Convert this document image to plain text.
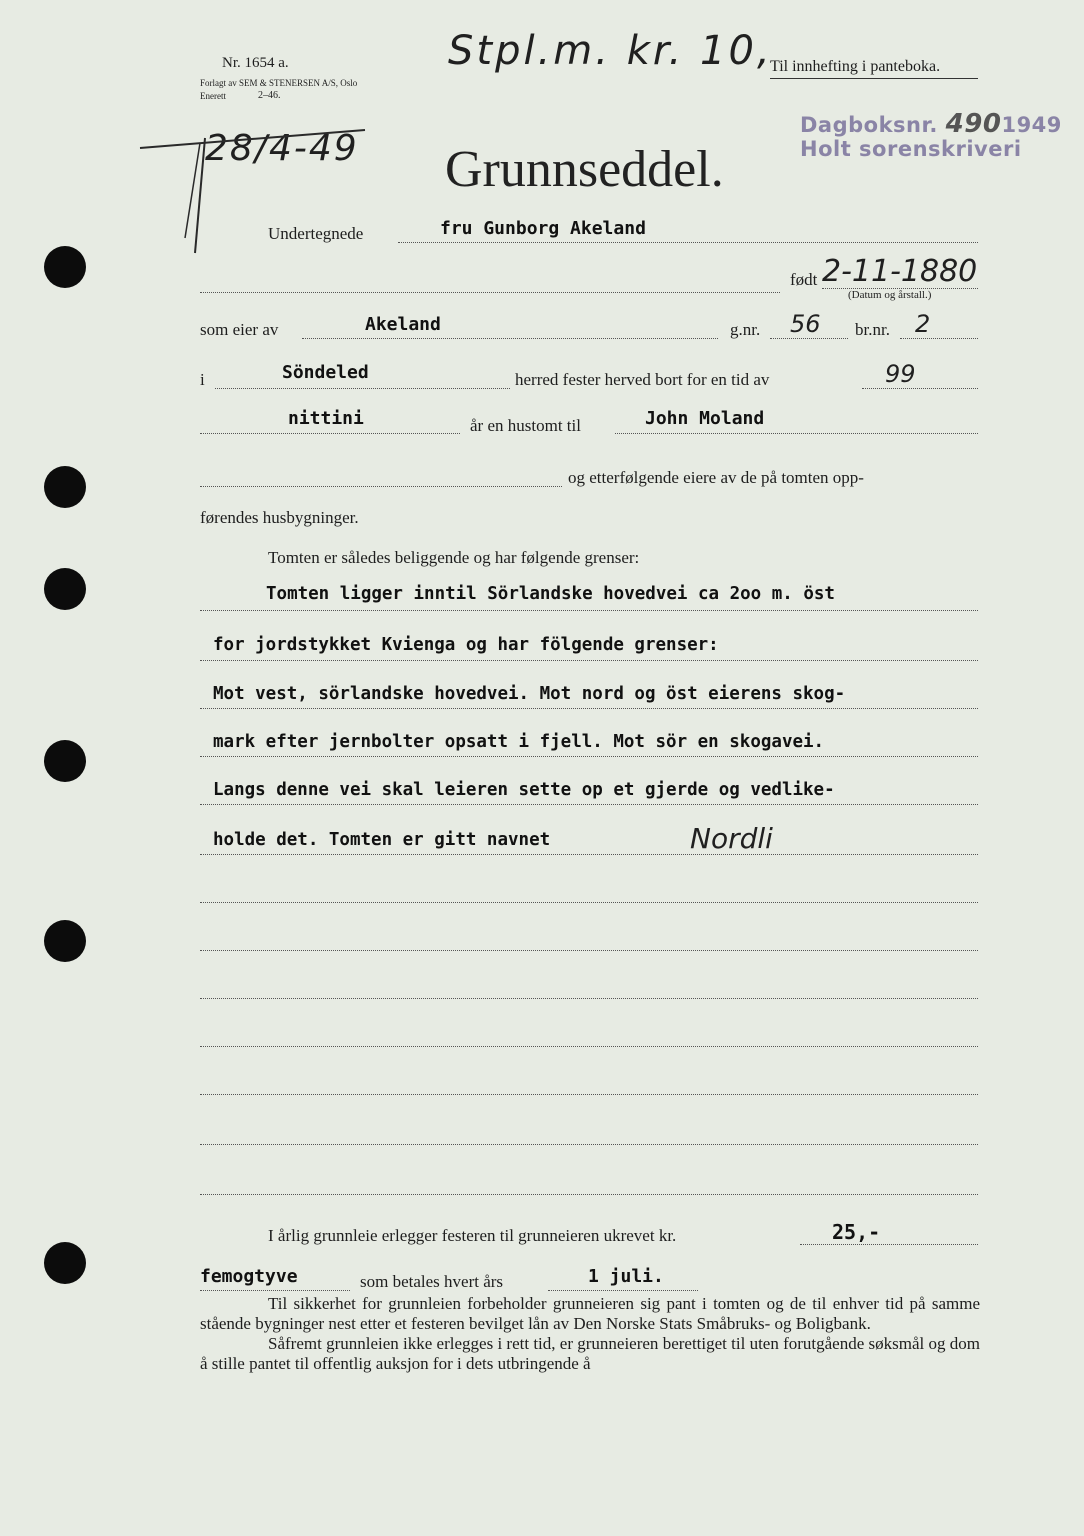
Nr. 1654 a.
Forlagt av SEM & STENERSEN A/S, Oslo
Enerett	2–46.
Stpl.m. kr. 10,
Til innhefting i panteboka.
28/4-49
Dagboksnr. 4901949
Holt sorenskriveri
Grunnseddel.
Undertegnede	fru Gunborg Akeland
født 2-11-1880
(Datum og årstall.)
som eier av	Akeland	g.nr. 56 br.nr. 2
i	Söndeled	herred fester herved bort for en tid av	99
nittini	år en hustomt til	John Moland
og etterfølgende eiere av de på tomten opp-
førendes husbygninger.
Tomten er således beliggende og har følgende grenser:
Tomten ligger inntil Sörlandske hovedvei ca 2oo m. öst
for jordstykket Kvienga og har fölgende grenser:
Mot vest, sörlandske hovedvei. Mot nord og öst eierens skog-
mark efter jernbolter opsatt i fjell. Mot sör en skogavei.
Langs denne vei skal leieren sette op et gjerde og vedlike-
holde det. Tomten er gitt navnet	Nordli
I årlig grunnleie erlegger festeren til grunneieren ukrevet kr.	25,-
femogtyve	som betales hvert års	1 juli.

Til sikkerhet for grunnleien forbeholder grunneieren sig pant i tomten og de til enhver tid på samme stående bygninger nest etter et festeren bevilget lån av Den Norske Stats Småbruks- og Boligbank.

Såfremt grunnleien ikke erlegges i rett tid, er grunneieren berettiget til uten forutgående søksmål og dom å stille pantet til offentlig auksjon for i dets utbringende å
